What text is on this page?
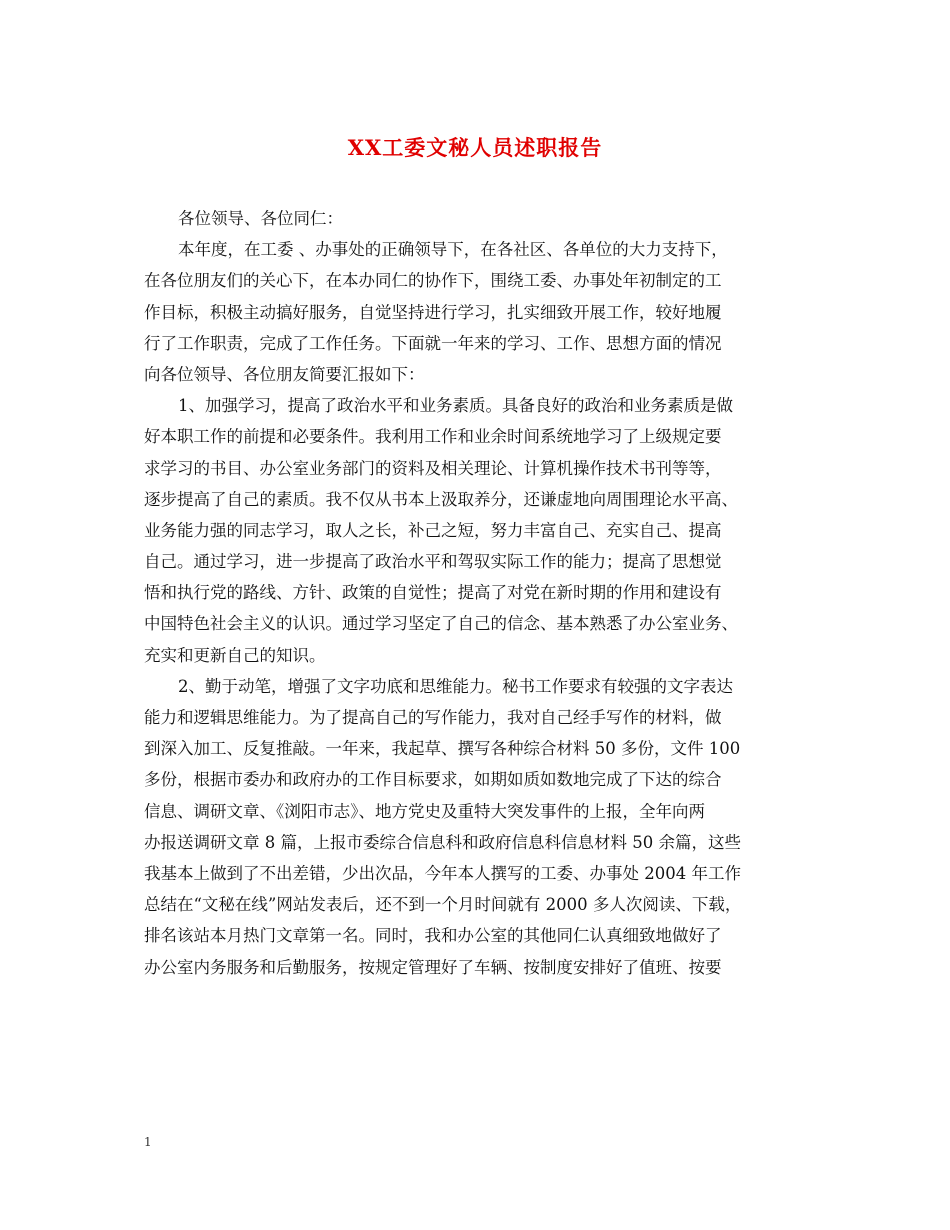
XX工委文秘人员述职报告
各位领导、各位同仁：
本年度，在工委 、办事处的正确领导下，在各社区、各单位的大力支持下，
在各位朋友们的关心下，在本办同仁的协作下，围绕工委、办事处年初制定的工
作目标，积极主动搞好服务，自觉坚持进行学习，扎实细致开展工作，较好地履
行了工作职责，完成了工作任务。下面就一年来的学习、工作、思想方面的情况
向各位领导、各位朋友简要汇报如下：
1、加强学习，提高了政治水平和业务素质。具备良好的政治和业务素质是做
好本职工作的前提和必要条件。我利用工作和业余时间系统地学习了上级规定要
求学习的书目、办公室业务部门的资料及相关理论、计算机操作技术书刊等等，
逐步提高了自己的素质。我不仅从书本上汲取养分，还谦虚地向周围理论水平高、
业务能力强的同志学习，取人之长，补己之短，努力丰富自己、充实自己、提高
自己。通过学习，进一步提高了政治水平和驾驭实际工作的能力；提高了思想觉
悟和执行党的路线、方针、政策的自觉性；提高了对党在新时期的作用和建设有
中国特色社会主义的认识。通过学习坚定了自己的信念、基本熟悉了办公室业务、
充实和更新自己的知识。
2、勤于动笔，增强了文字功底和思维能力。秘书工作要求有较强的文字表达
能力和逻辑思维能力。为了提高自己的写作能力，我对自己经手写作的材料，做
到深入加工、反复推敲。一年来，我起草、撰写各种综合材料 50 多份，文件 100
多份，根据市委办和政府办的工作目标要求，如期如质如数地完成了下达的综合
信息、调研文章、《浏阳市志》、地方党史及重特大突发事件的上报，全年向两
办报送调研文章 8 篇，上报市委综合信息科和政府信息科信息材料 50 余篇，这些
我基本上做到了不出差错，少出次品，今年本人撰写的工委、办事处 2004 年工作
总结在“文秘在线”网站发表后，还不到一个月时间就有 2000 多人次阅读、下载，
排名该站本月热门文章第一名。同时，我和办公室的其他同仁认真细致地做好了
办公室内务服务和后勤服务，按规定管理好了车辆、按制度安排好了值班、按要
1
